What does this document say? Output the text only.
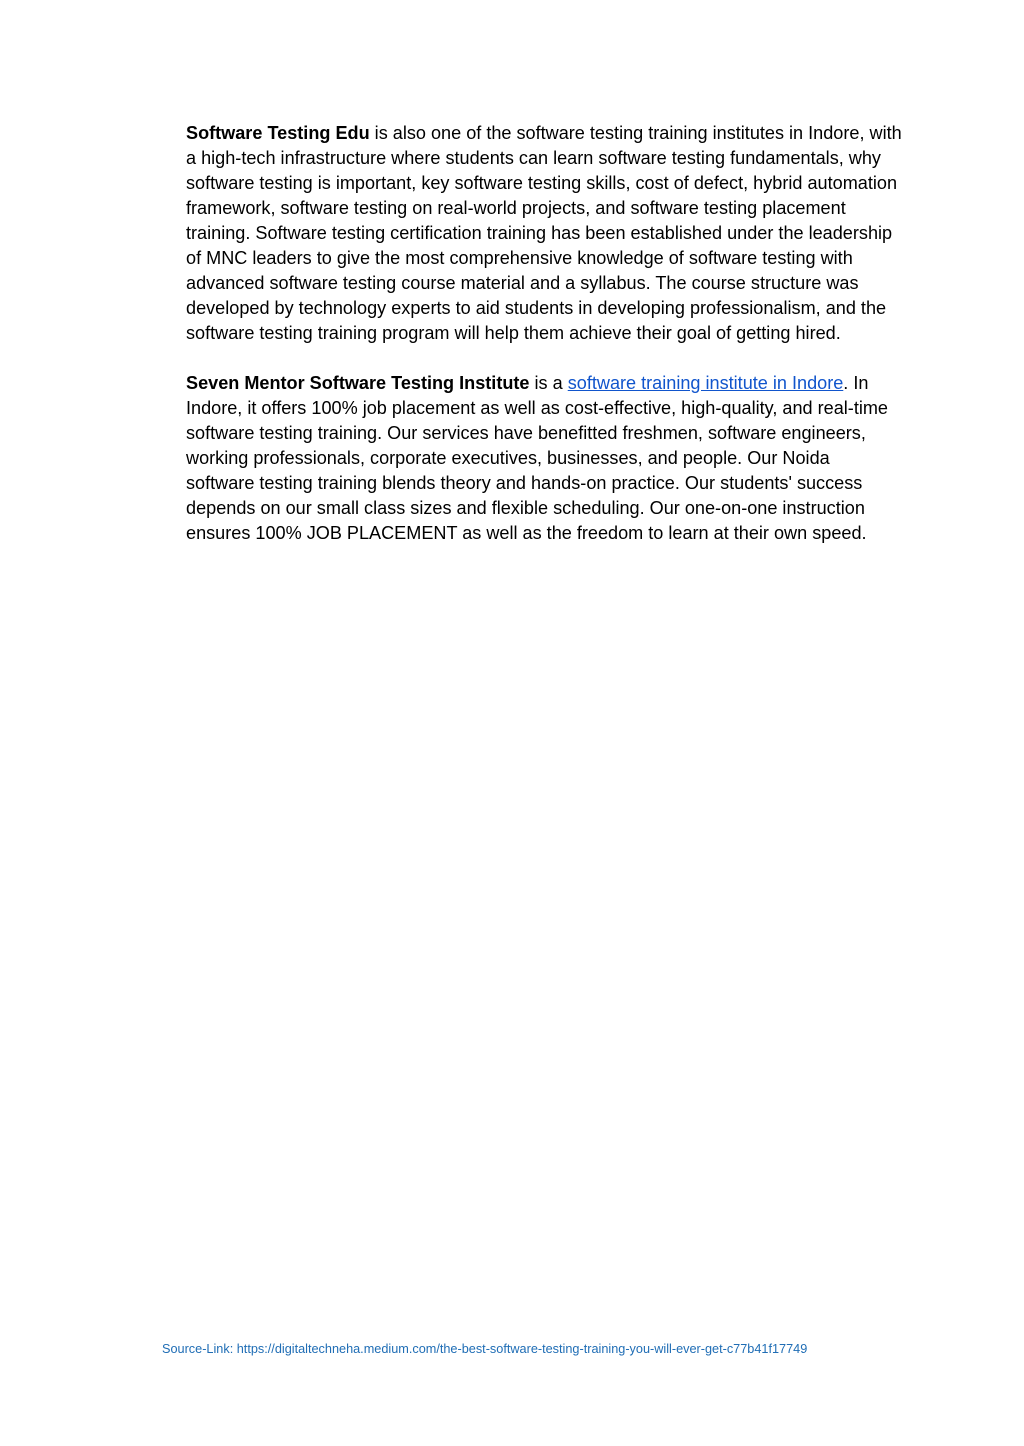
Software Testing Edu is also one of the software testing training institutes in Indore, with a high-tech infrastructure where students can learn software testing fundamentals, why software testing is important, key software testing skills, cost of defect, hybrid automation framework, software testing on real-world projects, and software testing placement training. Software testing certification training has been established under the leadership of MNC leaders to give the most comprehensive knowledge of software testing with advanced software testing course material and a syllabus. The course structure was developed by technology experts to aid students in developing professionalism, and the software testing training program will help them achieve their goal of getting hired.

Seven Mentor Software Testing Institute is a software training institute in Indore. In Indore, it offers 100% job placement as well as cost-effective, high-quality, and real-time software testing training. Our services have benefitted freshmen, software engineers, working professionals, corporate executives, businesses, and people. Our Noida software testing training blends theory and hands-on practice. Our students' success depends on our small class sizes and flexible scheduling. Our one-on-one instruction ensures 100% JOB PLACEMENT as well as the freedom to learn at their own speed.

Source-Link: https://digitaltechneha.medium.com/the-best-software-testing-training-you-will-ever-get-c77b41f17749
